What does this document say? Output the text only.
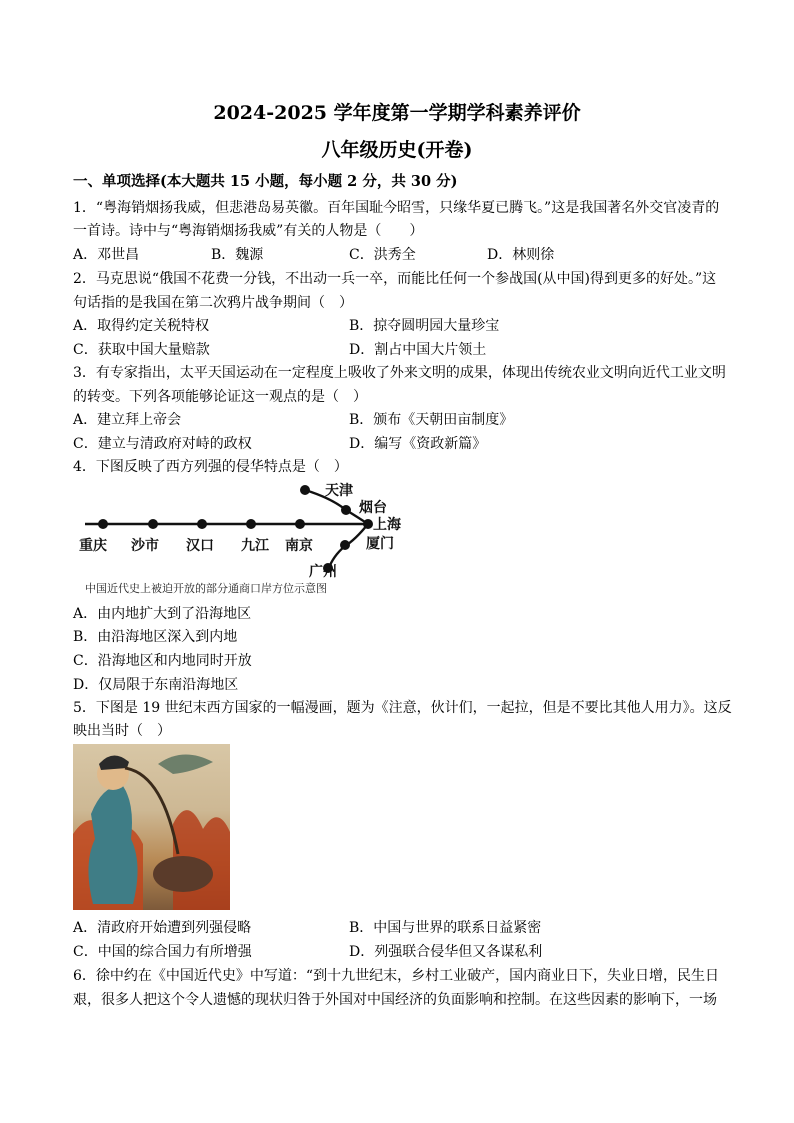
2024-2025 学年度第一学期学科素养评价
八年级历史(开卷)
一、单项选择(本大题共 15 小题，每小题 2 分，共 30 分)
1．“粤海销烟扬我威，但悲港岛易英徽。百年国耻今昭雪，只缘华夏已腾飞。”这是我国著名外交官凌青的
一首诗。诗中与“粤海销烟扬我威”有关的人物是（　　）
A．邓世昌	B．魏源	C．洪秀全	D．林则徐
2．马克思说“俄国不花费一分钱，不出动一兵一卒，而能比任何一个参战国(从中国)得到更多的好处。”这
句话指的是我国在第二次鸦片战争期间（　）
A．取得约定关税特权	B．掠夺圆明园大量珍宝
C．获取中国大量赔款	D．割占中国大片领土
3．有专家指出，太平天国运动在一定程度上吸收了外来文明的成果，体现出传统农业文明向近代工业文明
的转变。下列各项能够论证这一观点的是（　）
A．建立拜上帝会	B．颁布《天朝田亩制度》
C．建立与清政府对峙的政权	D．编写《资政新篇》
4．下图反映了西方列强的侵华特点是（　）
重庆 沙市 汉口 九江 南京
上海
天津
烟台
厦门
广州
中国近代史上被迫开放的部分通商口岸方位示意图
A．由内地扩大到了沿海地区
B．由沿海地区深入到内地
C．沿海地区和内地同时开放
D．仅局限于东南沿海地区
5．下图是 19 世纪末西方国家的一幅漫画，题为《注意，伙计们，一起拉，但是不要比其他人用力》。这反
映出当时（　）
A．清政府开始遭到列强侵略	B．中国与世界的联系日益紧密
C．中国的综合国力有所增强	D．列强联合侵华但又各谋私利
6．徐中约在《中国近代史》中写道：“到十九世纪末，乡村工业破产，国内商业日下，失业日增，民生日
艰，很多人把这个令人遗憾的现状归咎于外国对中国经济的负面影响和控制。在这些因素的影响下，一场
